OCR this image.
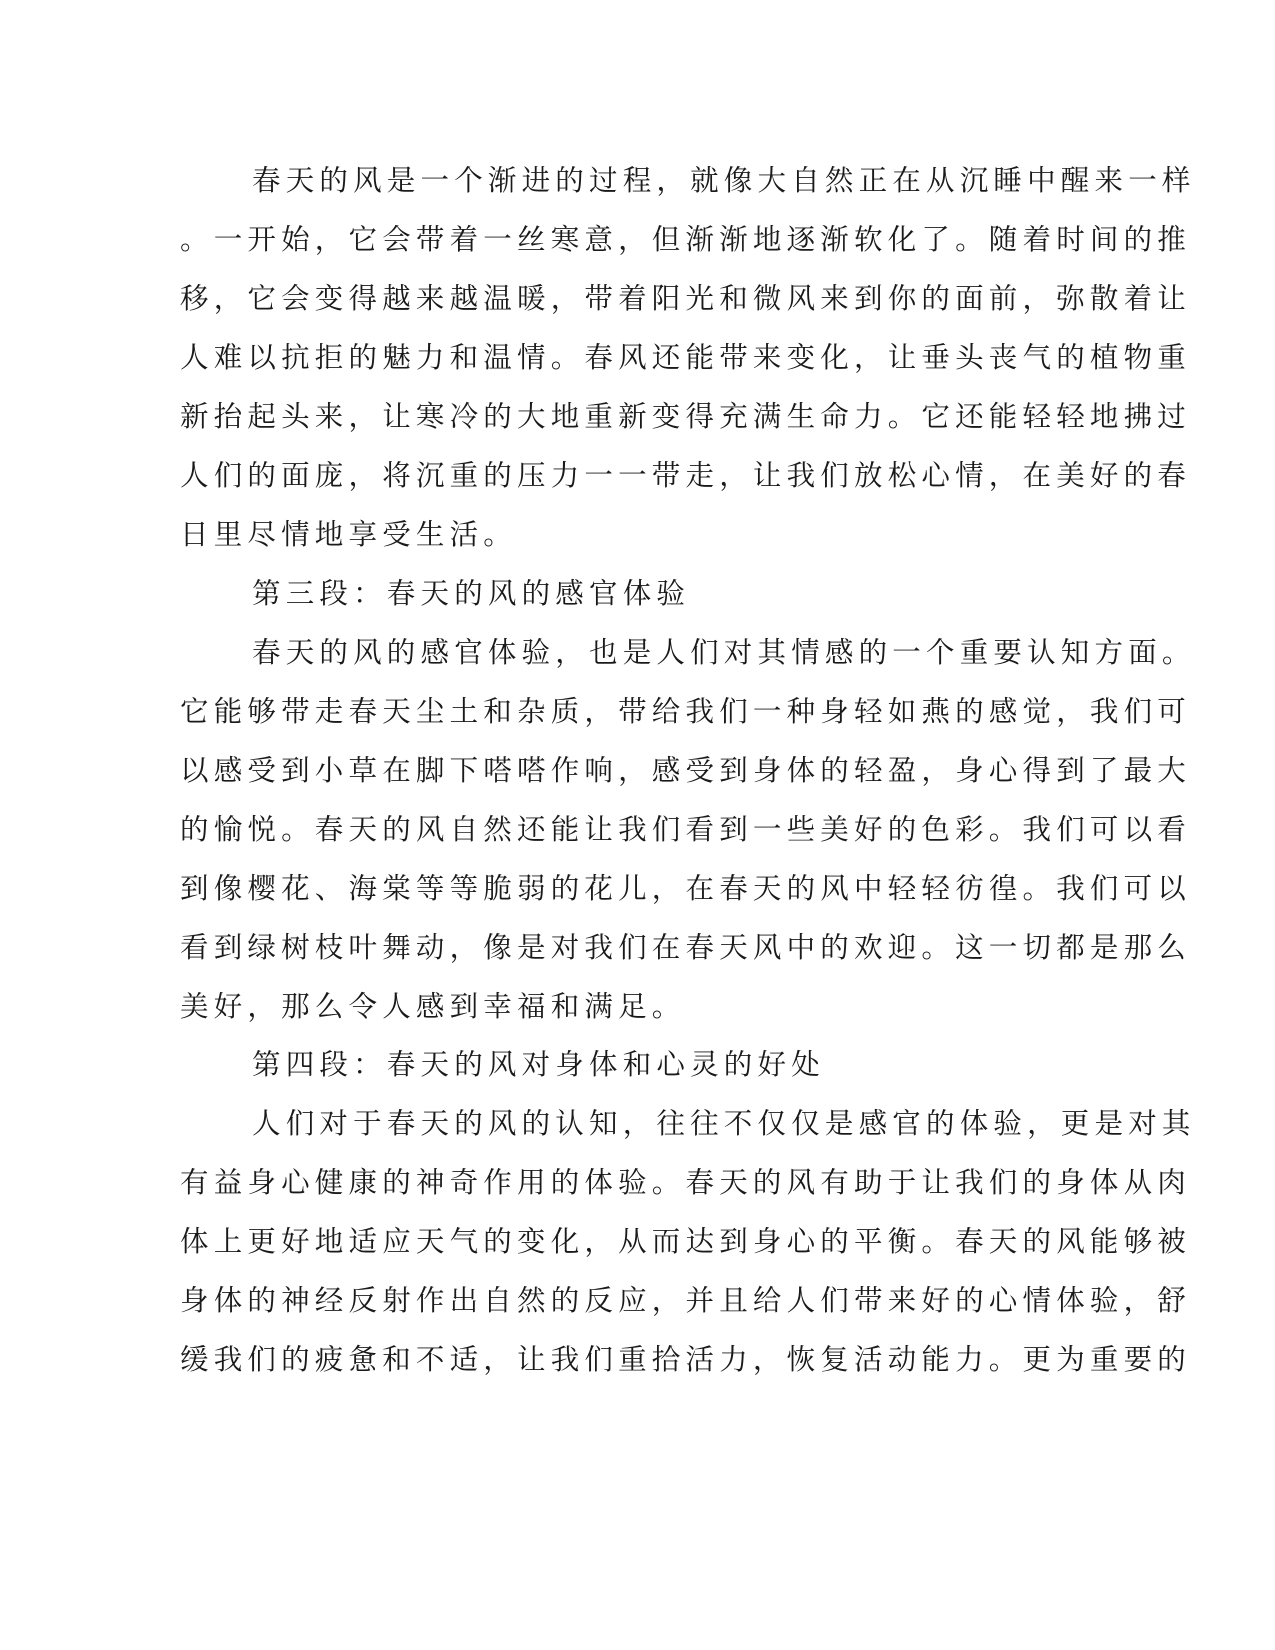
春天的风是一个渐进的过程，就像大自然正在从沉睡中醒来一样
。一开始，它会带着一丝寒意，但渐渐地逐渐软化了。随着时间的推
移，它会变得越来越温暖，带着阳光和微风来到你的面前，弥散着让
人难以抗拒的魅力和温情。春风还能带来变化，让垂头丧气的植物重
新抬起头来，让寒冷的大地重新变得充满生命力。它还能轻轻地拂过
人们的面庞，将沉重的压力一一带走，让我们放松心情，在美好的春
日里尽情地享受生活。
第三段：春天的风的感官体验
春天的风的感官体验，也是人们对其情感的一个重要认知方面。
它能够带走春天尘土和杂质，带给我们一种身轻如燕的感觉，我们可
以感受到小草在脚下嗒嗒作响，感受到身体的轻盈，身心得到了最大
的愉悦。春天的风自然还能让我们看到一些美好的色彩。我们可以看
到像樱花、海棠等等脆弱的花儿，在春天的风中轻轻彷徨。我们可以
看到绿树枝叶舞动，像是对我们在春天风中的欢迎。这一切都是那么
美好，那么令人感到幸福和满足。
第四段：春天的风对身体和心灵的好处
人们对于春天的风的认知，往往不仅仅是感官的体验，更是对其
有益身心健康的神奇作用的体验。春天的风有助于让我们的身体从肉
体上更好地适应天气的变化，从而达到身心的平衡。春天的风能够被
身体的神经反射作出自然的反应，并且给人们带来好的心情体验，舒
缓我们的疲惫和不适，让我们重拾活力，恢复活动能力。更为重要的
